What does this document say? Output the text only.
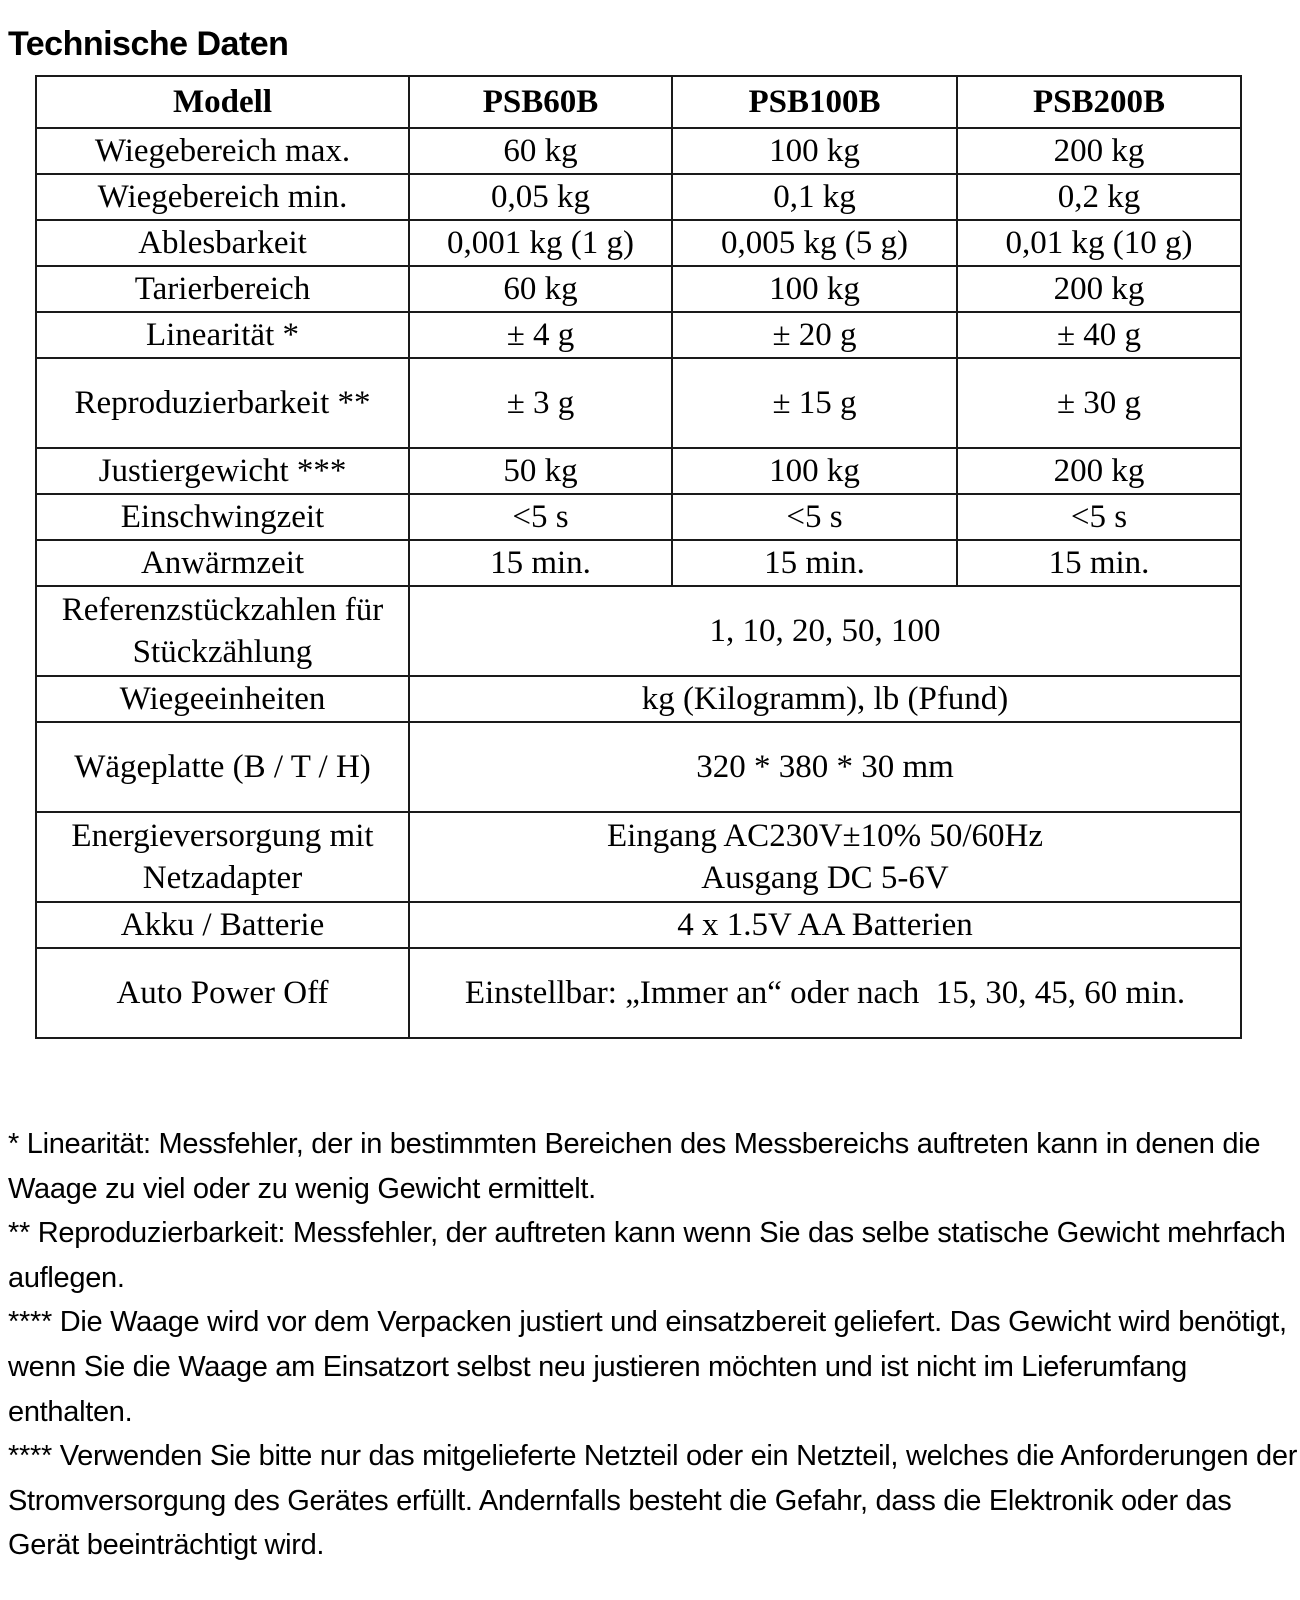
Technische Daten
Modell	PSB60B	PSB100B	PSB200B
Wiegebereich max.	60 kg	100 kg	200 kg
Wiegebereich min.	0,05 kg	0,1 kg	0,2 kg
Ablesbarkeit	0,001 kg (1 g)	0,005 kg (5 g)	0,01 kg (10 g)
Tarierbereich	60 kg	100 kg	200 kg
Linearität *	± 4 g	± 20 g	± 40 g
Reproduzierbarkeit **	± 3 g	± 15 g	± 30 g
Justiergewicht ***	50 kg	100 kg	200 kg
Einschwingzeit	<5 s	<5 s	<5 s
Anwärmzeit	15 min.	15 min.	15 min.
Referenzstückzahlen für Stückzählung	1, 10, 20, 50, 100		
Wiegeeinheiten	kg (Kilogramm), lb (Pfund)		
Wägeplatte (B / T / H)	320 * 380 * 30 mm		
Energieversorgung mit Netzadapter	Eingang AC230V±10% 50/60Hz
Ausgang DC 5-6V		

Akku / Batterie	4 x 1.5V AA Batterien		
Auto Power Off	Einstellbar: „Immer an“ oder nach  15, 30, 45, 60 min.		

* Linearität: Messfehler, der in bestimmten Bereichen des Messbereichs auftreten kann in denen die Waage zu viel oder zu wenig Gewicht ermittelt.

** Reproduzierbarkeit: Messfehler, der auftreten kann wenn Sie das selbe statische Gewicht mehrfach auflegen.

**** Die Waage wird vor dem Verpacken justiert und einsatzbereit geliefert. Das Gewicht wird benötigt, wenn Sie die Waage am Einsatzort selbst neu justieren möchten und ist nicht im Lieferumfang enthalten.

**** Verwenden Sie bitte nur das mitgelieferte Netzteil oder ein Netzteil, welches die Anforderungen der Stromversorgung des Gerätes erfüllt. Andernfalls besteht die Gefahr, dass die Elektronik oder das Gerät beeinträchtigt wird.
